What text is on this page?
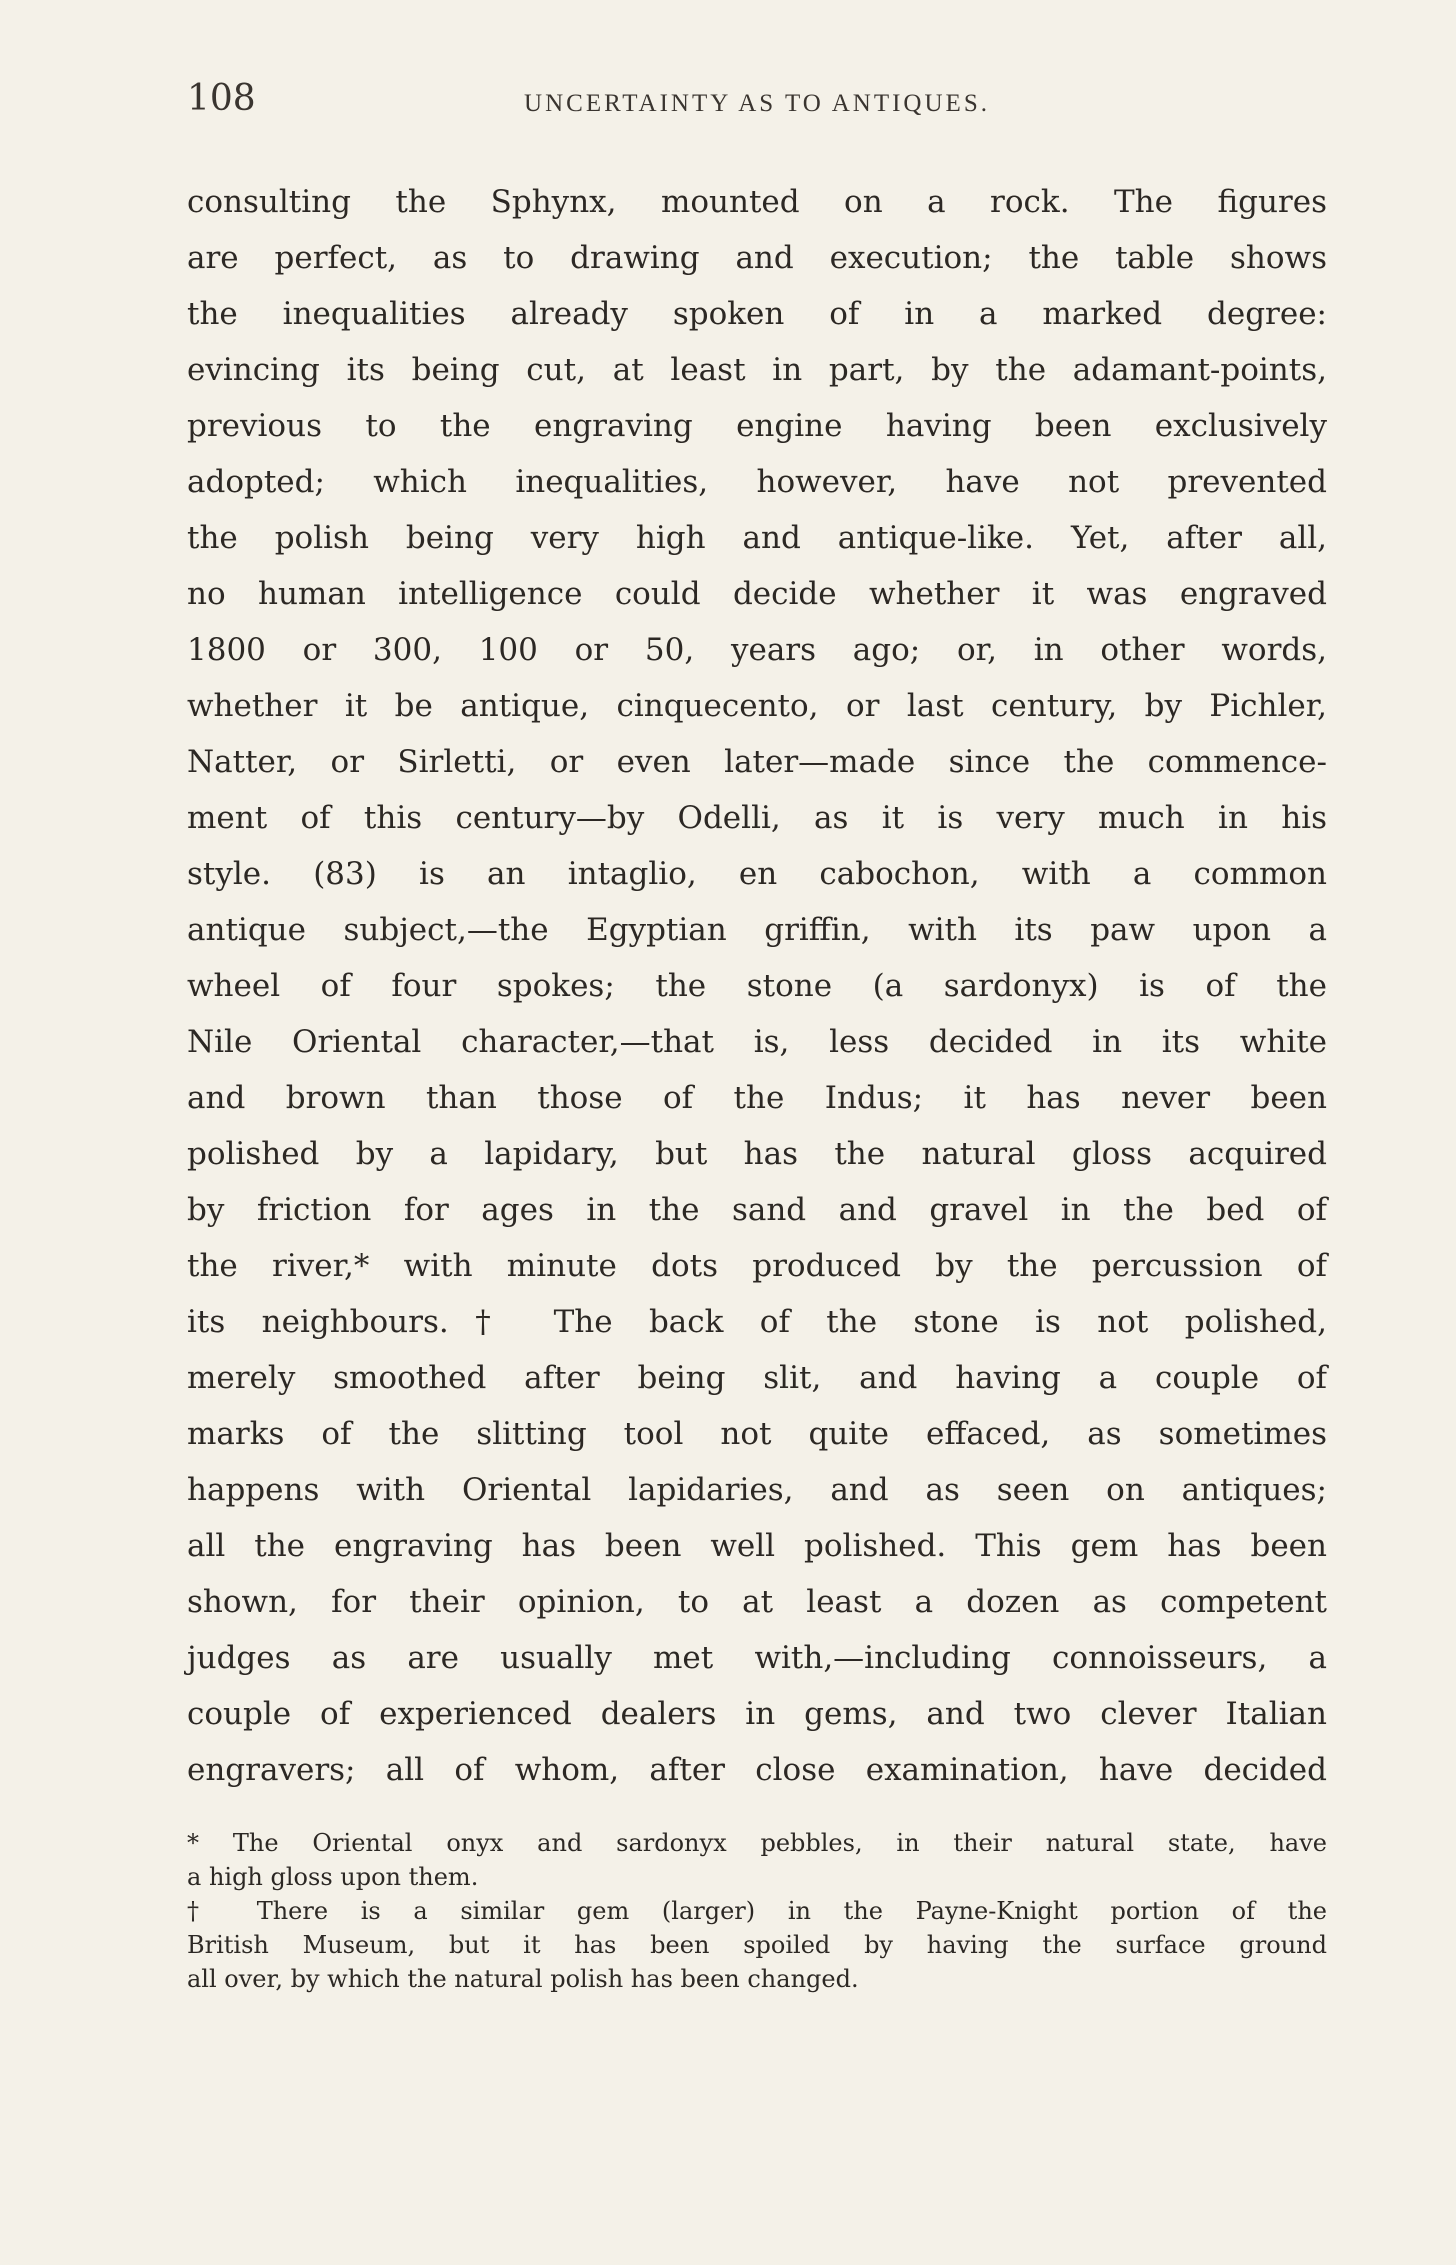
108	UNCERTAINTY AS TO ANTIQUES.
consulting the Sphynx, mounted on a rock. The figures
are perfect, as to drawing and execution; the table shows
the inequalities already spoken of in a marked degree:
evincing its being cut, at least in part, by the adamant-points,
previous to the engraving engine having been exclusively
adopted; which inequalities, however, have not prevented
the polish being very high and antique-like. Yet, after all,
no human intelligence could decide whether it was engraved
1800 or 300, 100 or 50, years ago; or, in other words,
whether it be antique, cinquecento, or last century, by Pichler,
Natter, or Sirletti, or even later—made since the commence-
ment of this century—by Odelli, as it is very much in his
style. (83) is an intaglio, en cabochon, with a common
antique subject,—the Egyptian griffin, with its paw upon a
wheel of four spokes; the stone (a sardonyx) is of the
Nile Oriental character,—that is, less decided in its white
and brown than those of the Indus; it has never been
polished by a lapidary, but has the natural gloss acquired
by friction for ages in the sand and gravel in the bed of
the river,* with minute dots produced by the percussion of
its neighbours.† The back of the stone is not polished,
merely smoothed after being slit, and having a couple of
marks of the slitting tool not quite effaced, as sometimes
happens with Oriental lapidaries, and as seen on antiques;
all the engraving has been well polished. This gem has been
shown, for their opinion, to at least a dozen as competent
judges as are usually met with,—including connoisseurs, a
couple of experienced dealers in gems, and two clever Italian
engravers; all of whom, after close examination, have decided
* The Oriental onyx and sardonyx pebbles, in their natural state, have
a high gloss upon them.
† There is a similar gem (larger) in the Payne-Knight portion of the
British Museum, but it has been spoiled by having the surface ground
all over, by which the natural polish has been changed.
